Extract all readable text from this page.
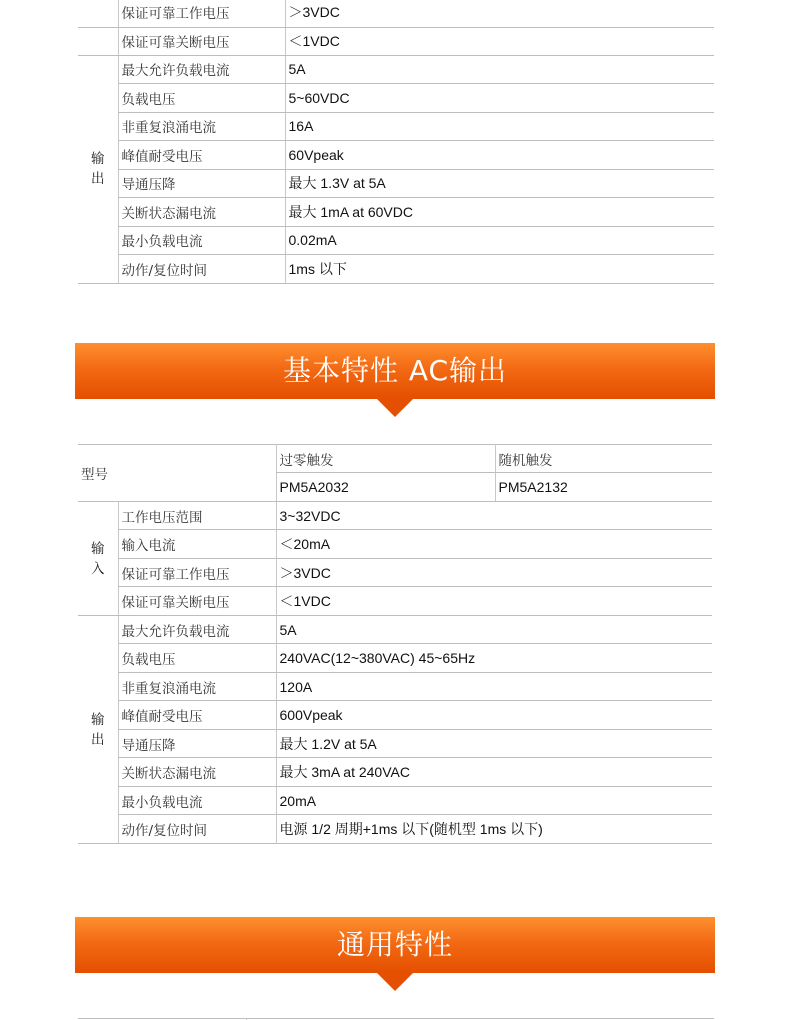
	保证可靠工作电压	＞3VDC
	保证可靠关断电压	＜1VDC

输出	最大允许负载电流	5A
	负载电压	5~60VDC
	非重复浪涌电流	16A
	峰值耐受电压	60Vpeak
	导通压降	最大 1.3V at 5A
	关断状态漏电流	最大 1mA at 60VDC
	最小负载电流	0.02mA
	动作/复位时间	1ms 以下
基本特性 AC输出
型号		过零触发	随机触发
		PM5A2032	PM5A2132

输入	工作电压范围	3~32VDC	
	输入电流	＜20mA	
	保证可靠工作电压	＞3VDC	
	保证可靠关断电压	＜1VDC	

输出	最大允许负载电流	5A	
	负载电压	240VAC(12~380VAC) 45~65Hz	
	非重复浪涌电流	120A	
	峰值耐受电压	600Vpeak	
	导通压降	最大 1.2V at 5A	
	关断状态漏电流	最大 3mA at 240VAC	
	最小负载电流	20mA	
	动作/复位时间	电源 1/2 周期+1ms 以下(随机型 1ms 以下)	
通用特性
